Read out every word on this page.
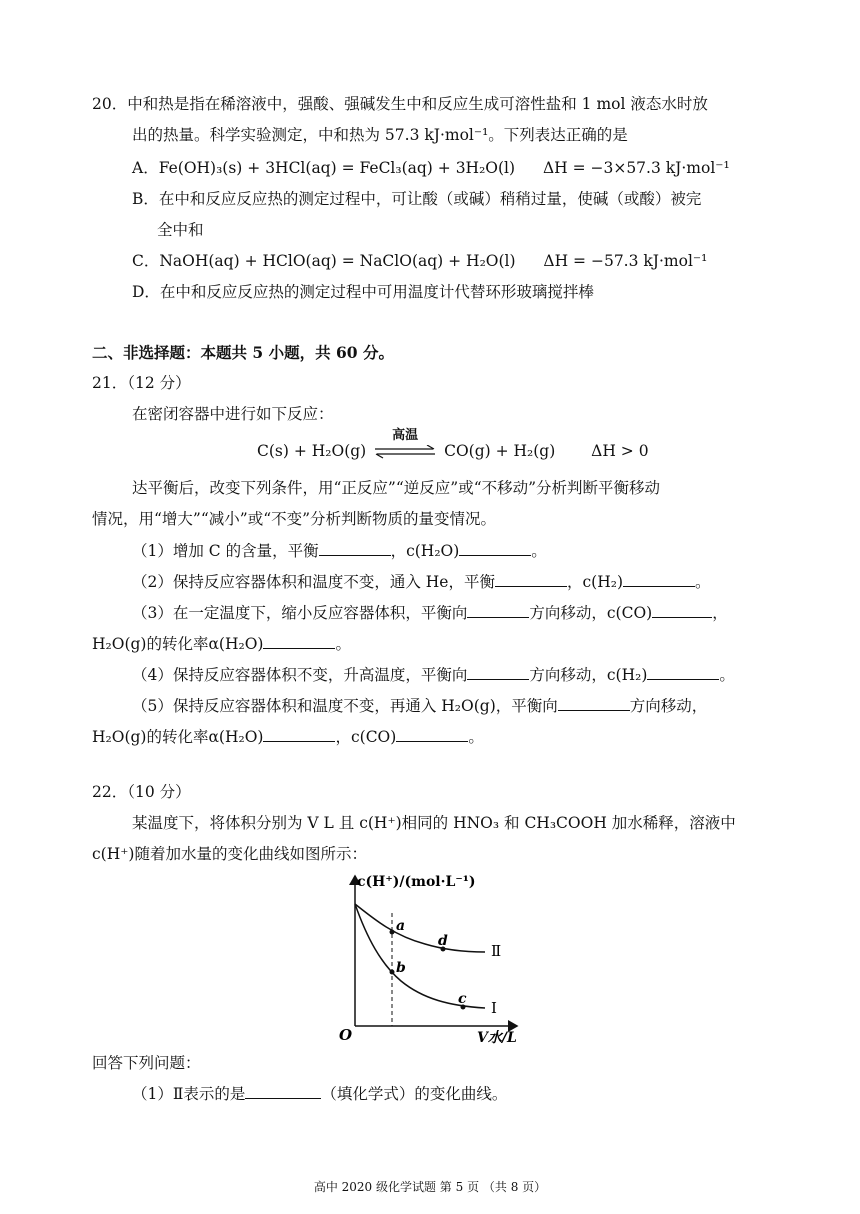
20．中和热是指在稀溶液中，强酸、强碱发生中和反应生成可溶性盐和 1 mol 液态水时放
出的热量。科学实验测定，中和热为 57.3 kJ·mol⁻¹。下列表达正确的是
A．Fe(OH)₃(s) + 3HCl(aq) = FeCl₃(aq) + 3H₂O(l) ΔH = −3×57.3 kJ·mol⁻¹
B．在中和反应反应热的测定过程中，可让酸（或碱）稍稍过量，使碱（或酸）被完
全中和
C．NaOH(aq) + HClO(aq) = NaClO(aq) + H₂O(l) ΔH = −57.3 kJ·mol⁻¹
D．在中和反应反应热的测定过程中可用温度计代替环形玻璃搅拌棒
二、非选择题：本题共 5 小题，共 60 分。
21．（12 分）
在密闭容器中进行如下反应：
C(s) + H₂O(g)
高温
CO(g) + H₂(g) ΔH > 0
达平衡后，改变下列条件，用“正反应”“逆反应”或“不移动”分析判断平衡移动
情况，用“增大”“减小”或“不变”分析判断物质的量变情况。
（1）增加 C 的含量，平衡	，c(H₂O)	。
（2）保持反应容器体积和温度不变，通入 He，平衡	，c(H₂)	。
（3）在一定温度下，缩小反应容器体积，平衡向	方向移动，c(CO)	，
H₂O(g)的转化率α(H₂O)	。
（4）保持反应容器体积不变，升高温度，平衡向	方向移动，c(H₂)	。
（5）保持反应容器体积和温度不变，再通入 H₂O(g)，平衡向	方向移动，
H₂O(g)的转化率α(H₂O)	，c(CO)	。
22．（10 分）
某温度下，将体积分别为 V L 且 c(H⁺)相同的 HNO₃ 和 CH₃COOH 加水稀释，溶液中
c(H⁺)随着加水量的变化曲线如图所示：
c(H⁺)/(mol·L⁻¹)
O	V水/L
a
b
d
c
Ⅱ
Ⅰ
回答下列问题：
（1）Ⅱ表示的是	（填化学式）的变化曲线。
高中 2020 级化学试题 第 5 页 （共 8 页）
